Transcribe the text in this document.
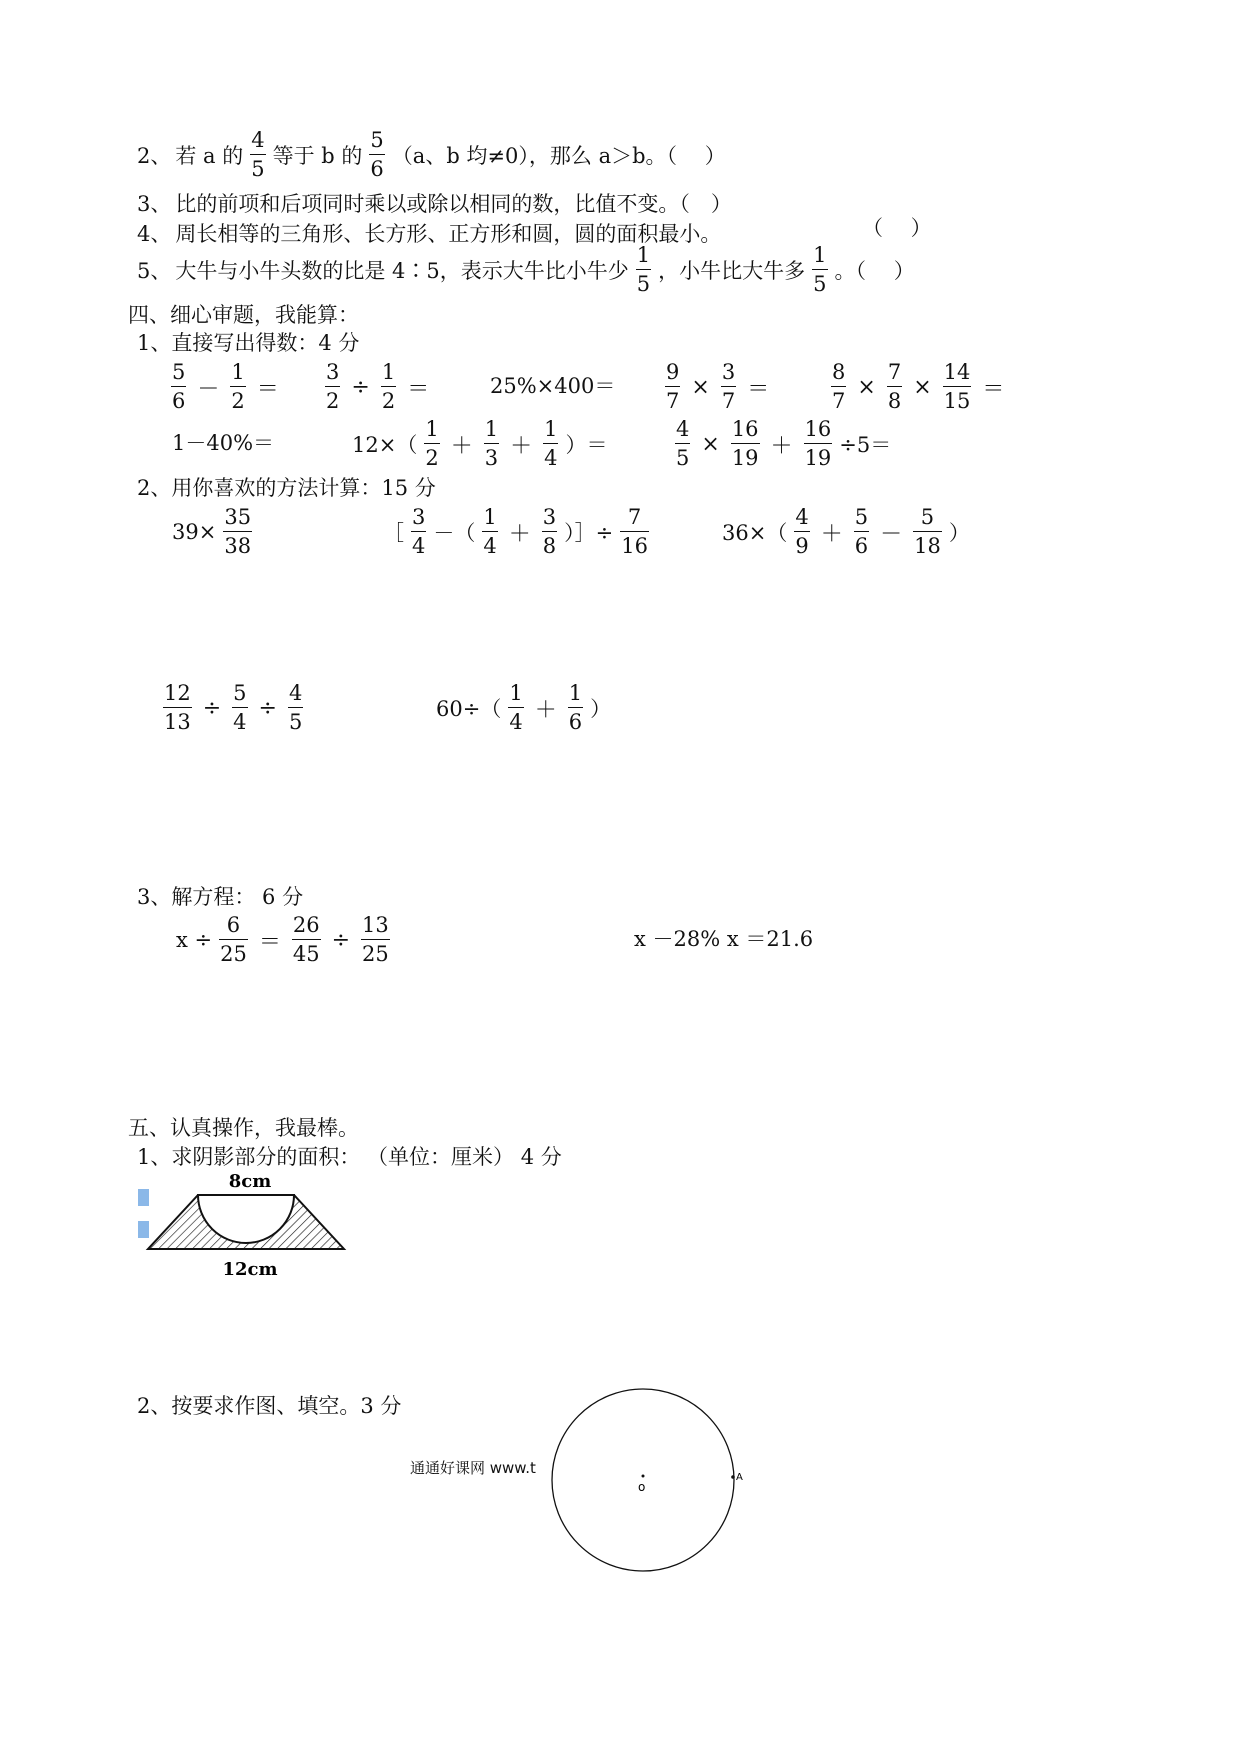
2、 若 a 的 $\frac{4}{5}$ 等于 b 的 $\frac{5}{6} (a$、b 均≠0），那么 a＞b。（　 ）
3、 比的前项和后项同时乘以或除以相同的数，比值不变。（　）
4、 周长相等的三角形、长方形、正方形和圆，圆的面积最小。	（　 ）
5、 大牛与小牛头数的比是 4∶5，表示大牛比小牛少 $\frac{1}{5}$ ，小牛比大牛多 $\frac{1}{5}$ 。（　 ）
四、细心审题，我能算：
1、直接写出得数：4 分
$\frac{5}{6} - \frac{1}{2} = \frac{3}{2} \div \frac{1}{2}$ ＝	$25\%\times 400= \frac{9}{7} \times \frac{3}{7}$ ＝	$\frac{8}{7} \times \frac{7}{8} \times \frac{14}{15}$ ＝
1－40%＝	$12\times( \frac{1}{2} + \frac{1}{3} + \frac{1}{4}$ ）＝	$\frac{4}{5} \times \frac{16}{19} + \frac{16}{19} \div 5=$
2、用你喜欢的方法计算：15 分
$39\times \frac{35}{38}$	［ $\frac{3}{4}$ －（ $\frac{1}{4} + \frac{3}{8}$ ）］÷ $\frac{7}{16}$	$36\times( \frac{4}{9} + \frac{5}{6} - \frac{5}{18}$ ）
$\frac{12}{13} \div \frac{5}{4} \div \frac{4}{5}$	$60\div( \frac{1}{4} + \frac{1}{6}$ ）
3、解方程： 6 分
$x \div \frac{6}{25} = \frac{26}{45} \div \frac{13}{25}$	x －28% x ＝21.6
五、认真操作，我最棒。
1、求阴影部分的面积： （单位：厘米） 4 分
8cm
12cm
2、按要求作图、填空。3 分
通通好课网 www.t
o
A
